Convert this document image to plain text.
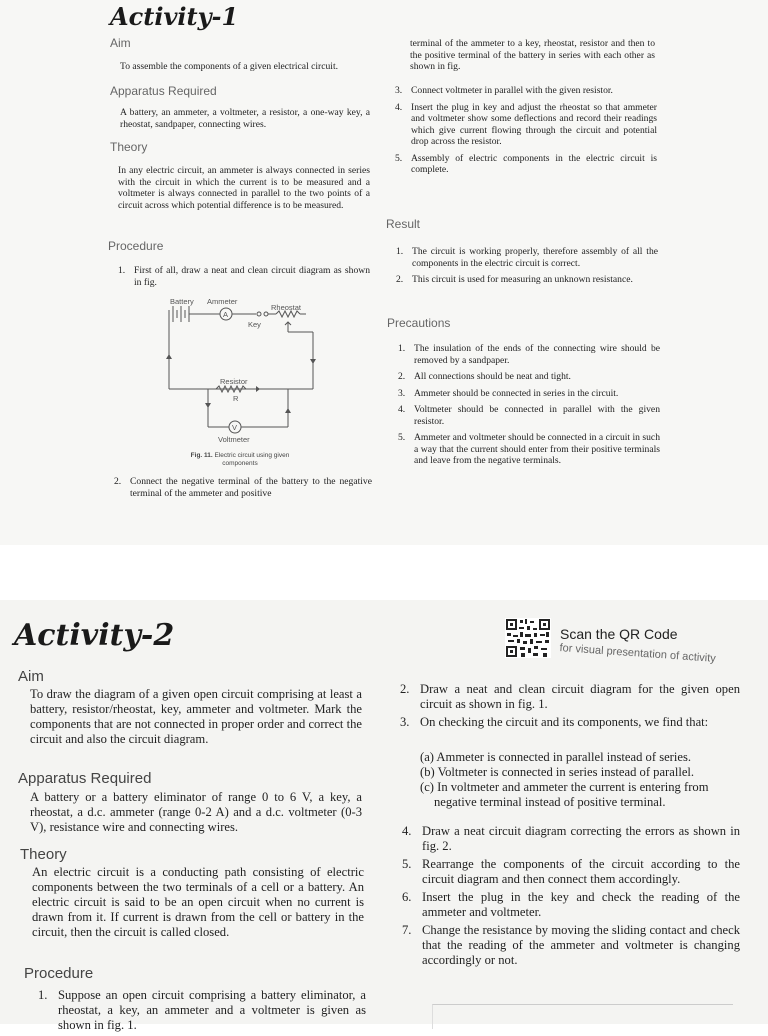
Activity-1
Aim
To assemble the components of a given electrical circuit.
Apparatus Required
A battery, an ammeter, a voltmeter, a resistor, a one-way key, a rheostat, sandpaper, connecting wires.
Theory
In any electric circuit, an ammeter is always connected in series with the circuit in which the current is to be measured and a voltmeter is always connected in parallel to the two points of a circuit across which potential difference is to be measured.
Procedure
1. First of all, draw a neat and clean circuit diagram as shown in fig.
Battery Ammeter
Rheostat
Key
Resistor
R
Voltmeter
A
V
Fig. 11. Electric circuit using given components
2. Connect the negative terminal of the battery to the negative terminal of the ammeter and positive
terminal of the ammeter to a key, rheostat, resistor and then to the positive terminal of the battery in series with each other as shown in fig.
3. Connect voltmeter in parallel with the given resistor.
4. Insert the plug in key and adjust the rheostat so that ammeter and voltmeter show some deflections and record their readings which give current flowing through the circuit and potential drop across the resistor.
5. Assembly of electric components in the electric circuit is complete.
Result
1. The circuit is working properly, therefore assembly of all the components in the electric circuit is correct.
2. This circuit is used for measuring an unknown resistance.
Precautions
1. The insulation of the ends of the connecting wire should be removed by a sandpaper.
2. All connections should be neat and tight.
3. Ammeter should be connected in series in the circuit.
4. Voltmeter should be connected in parallel with the given resistor.
5. Ammeter and voltmeter should be connected in a circuit in such a way that the current should enter from their positive terminals and leave from the negative terminals.
Activity-2	Scan the QR Code
for visual presentation of activity
Aim
To draw the diagram of a given open circuit comprising at least a battery, resistor/rheostat, key, ammeter and voltmeter. Mark the components that are not connected in proper order and correct the circuit and also the circuit diagram.
Apparatus Required
A battery or a battery eliminator of range 0 to 6 V, a key, a rheostat, a d.c. ammeter (range 0-2 A) and a d.c. voltmeter (0-3 V), resistance wire and connecting wires.
Theory
An electric circuit is a conducting path consisting of electric components between the two terminals of a cell or a battery. An electric circuit is said to be an open circuit when no current is drawn from it. If current is drawn from the cell or battery in the circuit, then the circuit is called closed.
Procedure
1. Suppose an open circuit comprising a battery eliminator, a rheostat, a key, an ammeter and a voltmeter is given as shown in fig. 1.
2. Draw a neat and clean circuit diagram for the given open circuit as shown in fig. 1.
3. On checking the circuit and its components, we find that:
(a) Ammeter is connected in parallel instead of series.
(b) Voltmeter is connected in series instead of parallel.
(c) In voltmeter and ammeter the current is entering from negative terminal instead of positive terminal.
4. Draw a neat circuit diagram correcting the errors as shown in fig. 2.
5. Rearrange the components of the circuit according to the circuit diagram and then connect them accordingly.
6. Insert the plug in the key and check the reading of the ammeter and voltmeter.
7. Change the resistance by moving the sliding contact and check that the reading of the ammeter and voltmeter is changing accordingly or not.
